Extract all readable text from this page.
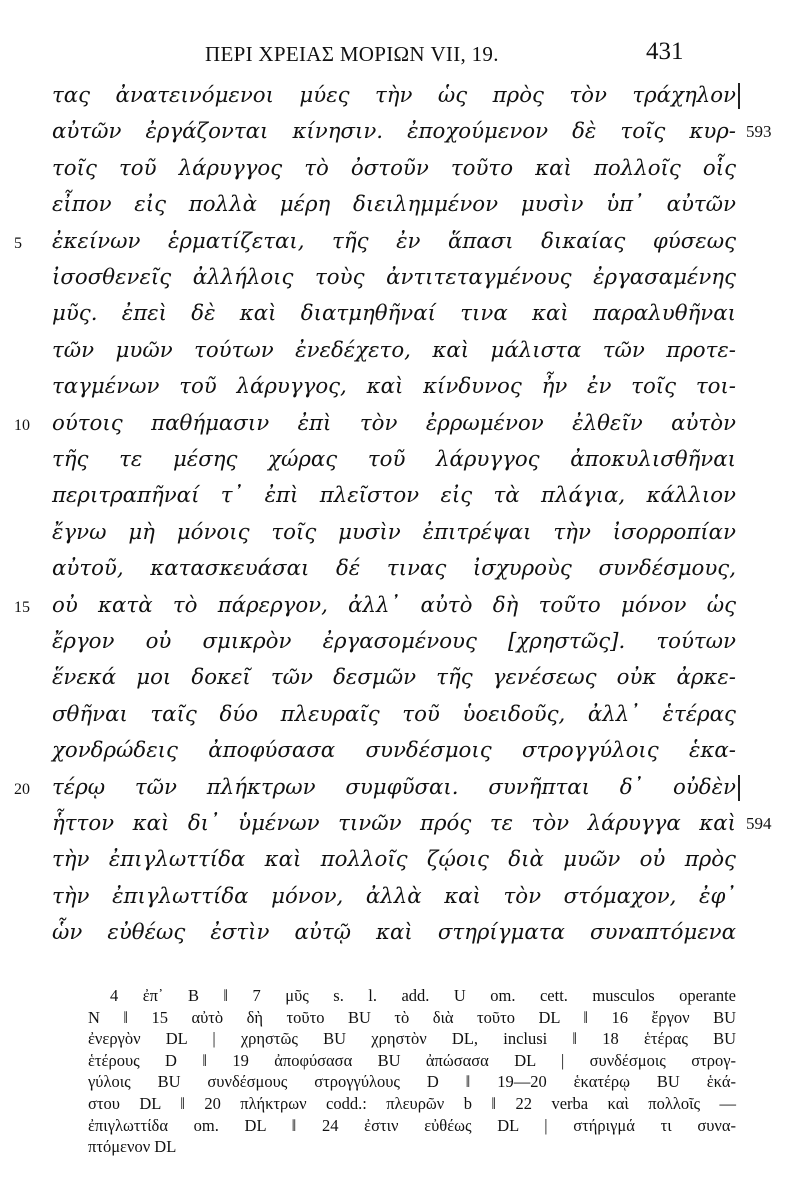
ΠΕΡΙ ΧΡΕΙΑΣ ΜΟΡΙΩΝ VII, 19.	431
τας ἀνατεινόμενοι μύες τὴν ὡς πρὸς τὸν τράχηλον
αὐτῶν ἐργάζονται κίνησιν. ἐποχούμενον δὲ τοῖς κυρ- 593
τοῖς τοῦ λάρυγγος τὸ ὀστοῦν τοῦτο καὶ πολλοῖς οἷς
εἶπον εἰς πολλὰ μέρη διειλημμένον μυσὶν ὑπ᾽ αὐτῶν
5 ἐκείνων ἑρματίζεται, τῆς ἐν ἅπασι δικαίας φύσεως
ἰσοσθενεῖς ἀλλήλοις τοὺς ἀντιτεταγμένους ἐργασαμένης
μῦς. ἐπεὶ δὲ καὶ διατμηθῆναί τινα καὶ παραλυθῆναι
τῶν μυῶν τούτων ἐνεδέχετο, καὶ μάλιστα τῶν προτε-
ταγμένων τοῦ λάρυγγος, καὶ κίνδυνος ἦν ἐν τοῖς τοι-
10 ούτοις παθήμασιν ἐπὶ τὸν ἐρρωμένον ἐλθεῖν αὐτὸν
τῆς τε μέσης χώρας τοῦ λάρυγγος ἀποκυλισθῆναι
περιτραπῆναί τ᾽ ἐπὶ πλεῖστον εἰς τὰ πλάγια, κάλλιον
ἔγνω μὴ μόνοις τοῖς μυσὶν ἐπιτρέψαι τὴν ἰσορροπίαν
αὐτοῦ, κατασκευάσαι δέ τινας ἰσχυροὺς συνδέσμους,
15 οὐ κατὰ τὸ πάρεργον, ἀλλ᾽ αὐτὸ δὴ τοῦτο μόνον ὡς
ἔργον οὐ σμικρὸν ἐργασομένους [χρηστῶς]. τούτων
ἕνεκά μοι δοκεῖ τῶν δεσμῶν τῆς γενέσεως οὐκ ἀρκε-
σθῆναι ταῖς δύο πλευραῖς τοῦ ὑοειδοῦς, ἀλλ᾽ ἑτέρας
χονδρώδεις ἀποφύσασα συνδέσμοις στρογγύλοις ἑκα-
20 τέρῳ τῶν πλήκτρων συμφῦσαι. συνῆπται δ᾽ οὐδὲν
ἧττον καὶ δι᾽ ὑμένων τινῶν πρός τε τὸν λάρυγγα καὶ 594
τὴν ἐπιγλωττίδα καὶ πολλοῖς ζῴοις διὰ μυῶν οὐ πρὸς
τὴν ἐπιγλωττίδα μόνον, ἀλλὰ καὶ τὸν στόμαχον, ἐφ᾽
ὧν εὐθέως ἐστὶν αὐτῷ καὶ στηρίγματα συναπτόμενα
4 ἐπ᾽ B ‖ 7 μῦς s. l. add. U om. cett. musculos operante
N ‖ 15 αὐτὸ δὴ τοῦτο BU τὸ διὰ τοῦτο DL ‖ 16 ἔργον BU
ἐνεργὸν DL | χρηστῶς BU χρηστὸν DL, inclusi ‖ 18 ἑτέρας BU
ἑτέρους D ‖ 19 ἀποφύσασα BU ἀπώσασα DL | συνδέσμοις στρογ-
γύλοις BU συνδέσμους στρογγύλους D ‖ 19—20 ἑκατέρῳ BU ἑκά-
στου DL ‖ 20 πλήκτρων codd.: πλευρῶν b ‖ 22 verba καὶ πολλοῖς —
ἐπιγλωττίδα om. DL ‖ 24 ἐστιν εὐθέως DL | στήριγμά τι συνα-
πτόμενον DL
